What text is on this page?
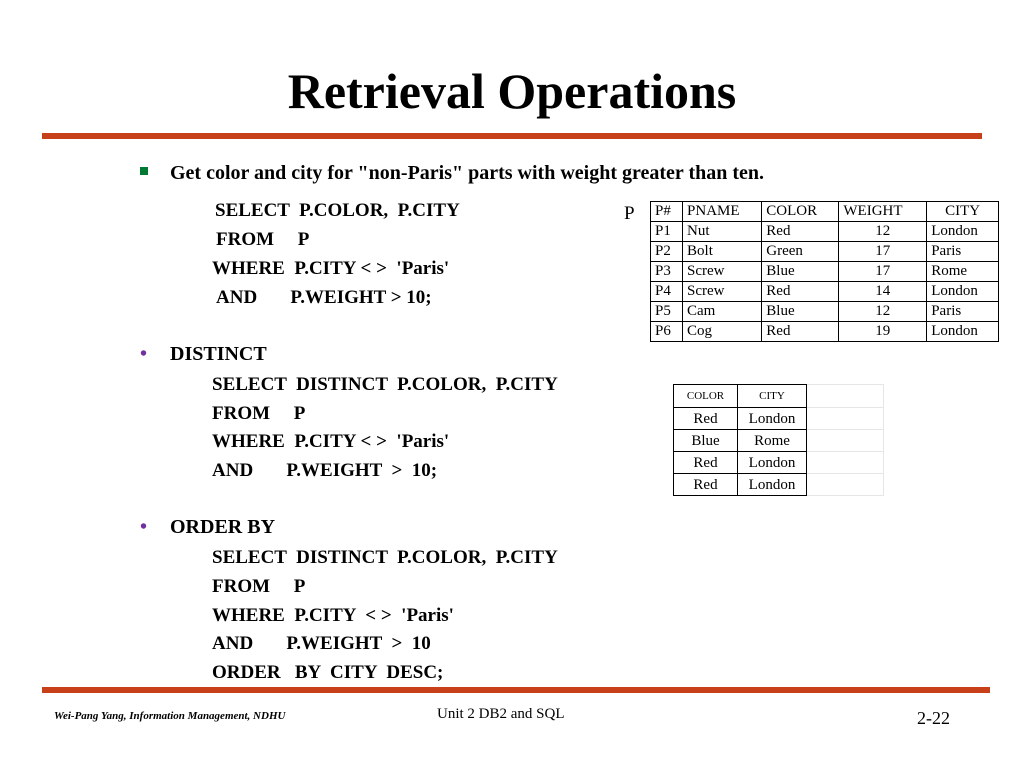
Retrieval Operations
Get color and city for "non-Paris" parts with weight greater than ten.
SELECT  P.COLOR,  P.CITY
FROM     P
WHERE  P.CITY < >  'Paris'
AND       P.WEIGHT > 10;
• DISTINCT
SELECT  DISTINCT  P.COLOR,  P.CITY
FROM     P
WHERE  P.CITY < >  'Paris'
AND       P.WEIGHT  >  10;
• ORDER BY
SELECT  DISTINCT  P.COLOR,  P.CITY
FROM     P
WHERE  P.CITY  < >  'Paris'
AND       P.WEIGHT  >  10
ORDER   BY  CITY  DESC;
P P#	PNAME	COLOR	WEIGHT	CITY
P1	Nut	Red	12	London
P2	Bolt	Green	17	Paris
P3	Screw	Blue	17	Rome
P4	Screw	Red	14	London
P5	Cam	Blue	12	Paris
P6	Cog	Red	19	London
COLOR	CITY	
Red	London	
Blue	Rome	
Red	London	
Red	London	
Wei-Pang Yang, Information Management, NDHU	Unit 2 DB2 and SQL	2-22
